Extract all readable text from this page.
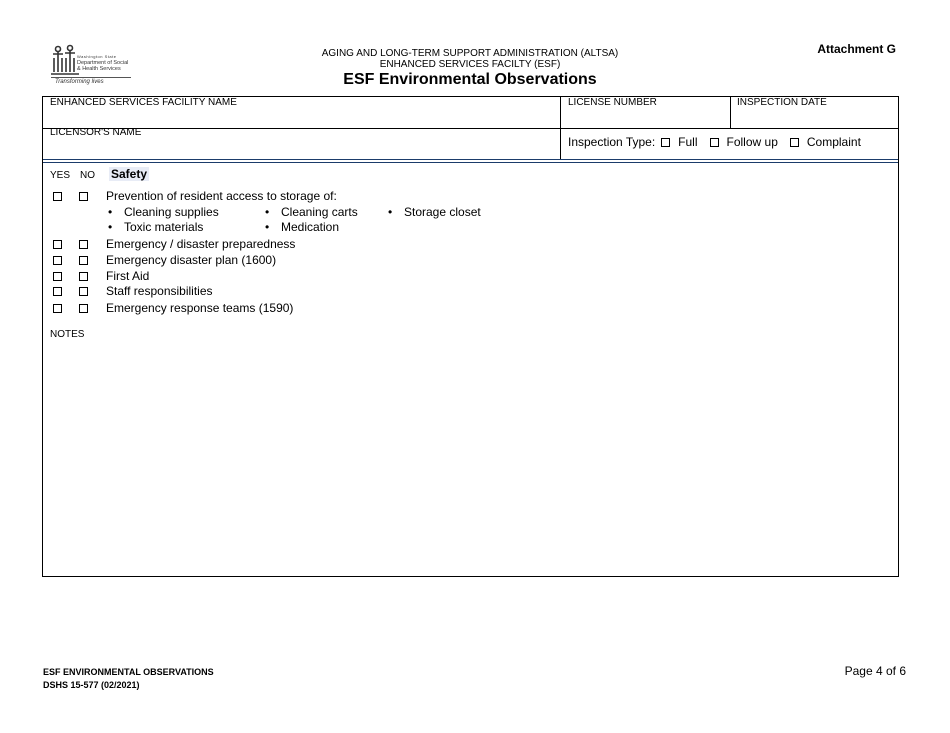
Washington State
Department of Social
& Health Services
Transforming lives
AGING AND LONG-TERM SUPPORT ADMINISTRATION (ALTSA)
ENHANCED SERVICES FACILTY (ESF)
ESF Environmental Observations
Attachment G
ENHANCED SERVICES FACILITY NAME	LICENSE NUMBER	INSPECTION DATE
LICENSOR'S NAME
Inspection Type: Full Follow up Complaint
YES NO Safety
Prevention of resident access to storage of:
• Cleaning supplies	• Cleaning carts	• Storage closet
• Toxic materials	• Medication
Emergency / disaster preparedness
Emergency disaster plan (1600)
First Aid
Staff responsibilities
Emergency response teams (1590)
NOTES
ESF ENVIRONMENTAL OBSERVATIONS
DSHS 15-577 (02/2021)
Page 4 of 6
